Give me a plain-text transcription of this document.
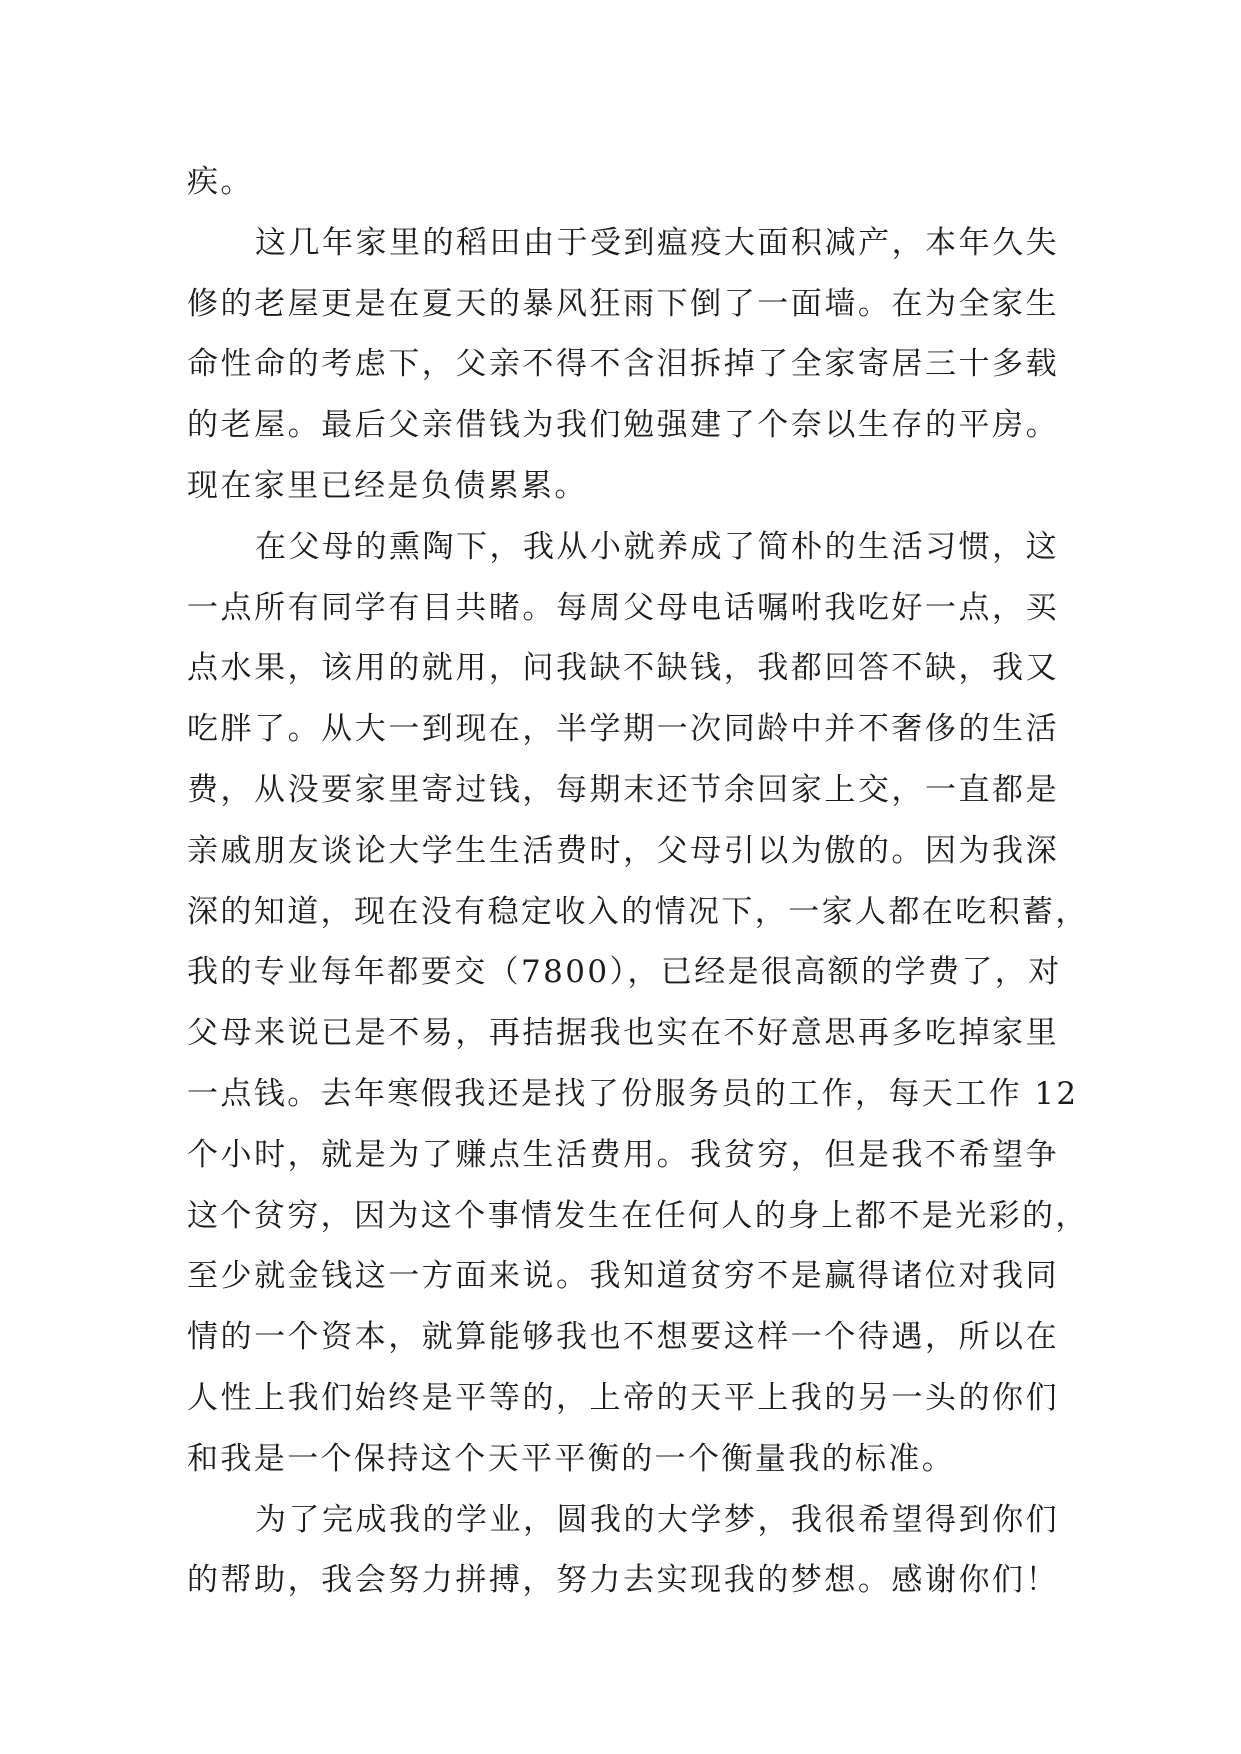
疾。
这几年家里的稻田由于受到瘟疫大面积减产，本年久失
修的老屋更是在夏天的暴风狂雨下倒了一面墙。在为全家生
命性命的考虑下，父亲不得不含泪拆掉了全家寄居三十多载
的老屋。最后父亲借钱为我们勉强建了个奈以生存的平房。
现在家里已经是负债累累。
在父母的熏陶下，我从小就养成了简朴的生活习惯，这
一点所有同学有目共睹。每周父母电话嘱咐我吃好一点，买
点水果，该用的就用，问我缺不缺钱，我都回答不缺，我又
吃胖了。从大一到现在，半学期一次同龄中并不奢侈的生活
费，从没要家里寄过钱，每期末还节余回家上交，一直都是
亲戚朋友谈论大学生生活费时，父母引以为傲的。因为我深
深的知道，现在没有稳定收入的情况下，一家人都在吃积蓄，
我的专业每年都要交（7800），已经是很高额的学费了，对
父母来说已是不易，再拮据我也实在不好意思再多吃掉家里
一点钱。去年寒假我还是找了份服务员的工作，每天工作 12
个小时，就是为了赚点生活费用。我贫穷，但是我不希望争
这个贫穷，因为这个事情发生在任何人的身上都不是光彩的，
至少就金钱这一方面来说。我知道贫穷不是赢得诸位对我同
情的一个资本，就算能够我也不想要这样一个待遇，所以在
人性上我们始终是平等的，上帝的天平上我的另一头的你们
和我是一个保持这个天平平衡的一个衡量我的标准。
为了完成我的学业，圆我的大学梦，我很希望得到你们
的帮助，我会努力拼搏，努力去实现我的梦想。感谢你们！
